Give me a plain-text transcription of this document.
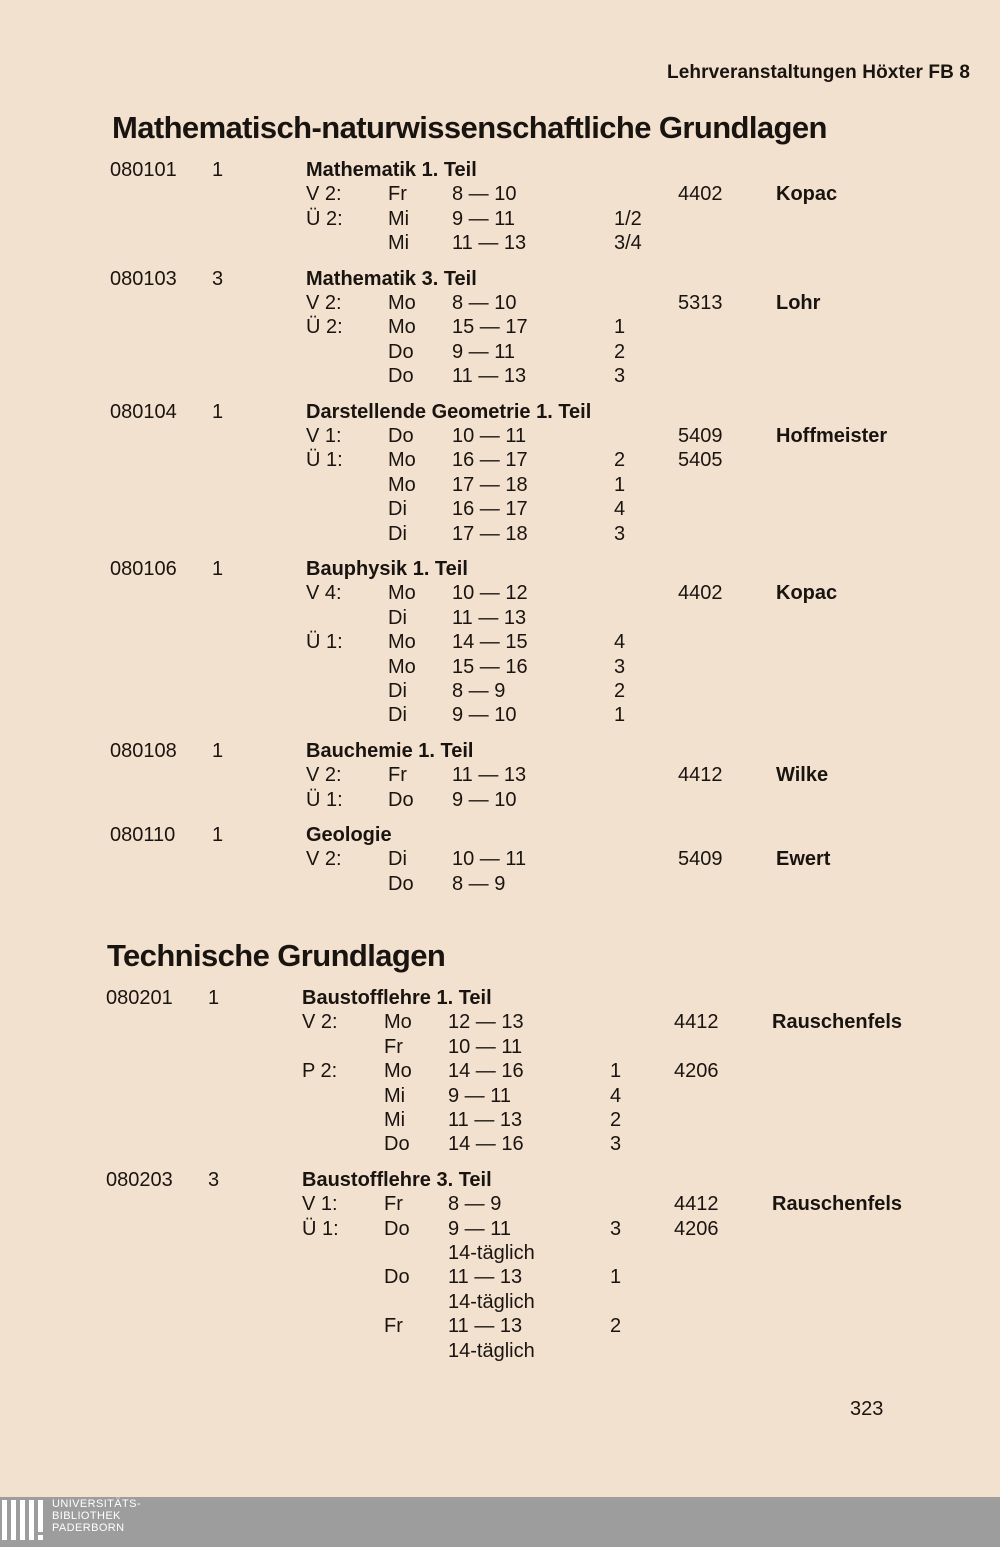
Lehrveranstaltungen Höxter FB 8
Mathematisch-naturwissenschaftliche Grundlagen
080101 1	Mathematik 1. Teil
V 2: Fr 8 — 10	4402	Kopac
Ü 2: Mi 9 — 11	1/2
Mi 11 — 13	3/4
080103 3	Mathematik 3. Teil
V 2: Mo 8 — 10	5313	Lohr
Ü 2: Mo 15 — 17	1
Do 9 — 11	2
Do 11 — 13	3
080104 1	Darstellende Geometrie 1. Teil
V 1: Do 10 — 11	5409	Hoffmeister
Ü 1: Mo 16 — 17	2	5405
Mo 17 — 18	1
Di 16 — 17	4
Di 17 — 18	3
080106 1	Bauphysik 1. Teil
V 4: Mo 10 — 12	4402	Kopac
Di 11 — 13
Ü 1: Mo 14 — 15	4
Mo 15 — 16	3
Di 8 — 9	2
Di 9 — 10	1
080108 1	Bauchemie 1. Teil
V 2: Fr 11 — 13	4412	Wilke
Ü 1: Do 9 — 10
080110 1	Geologie
V 2: Di 10 — 11	5409	Ewert
Do 8 — 9
Technische Grundlagen
080201 1	Baustofflehre 1. Teil
V 2: Mo 12 — 13	4412	Rauschenfels
Fr 10 — 11
P 2: Mo 14 — 16	1	4206
Mi 9 — 11	4
Mi 11 — 13	2
Do 14 — 16	3
080203 3	Baustofflehre 3. Teil
V 1: Fr 8 — 9	4412	Rauschenfels
Ü 1: Do 9 — 11	3	4206
14-täglich
Do 11 — 13	1
14-täglich
Fr 11 — 13	2
14-täglich
323
UNIVERSITÄTS-
BIBLIOTHEK
PADERBORN
